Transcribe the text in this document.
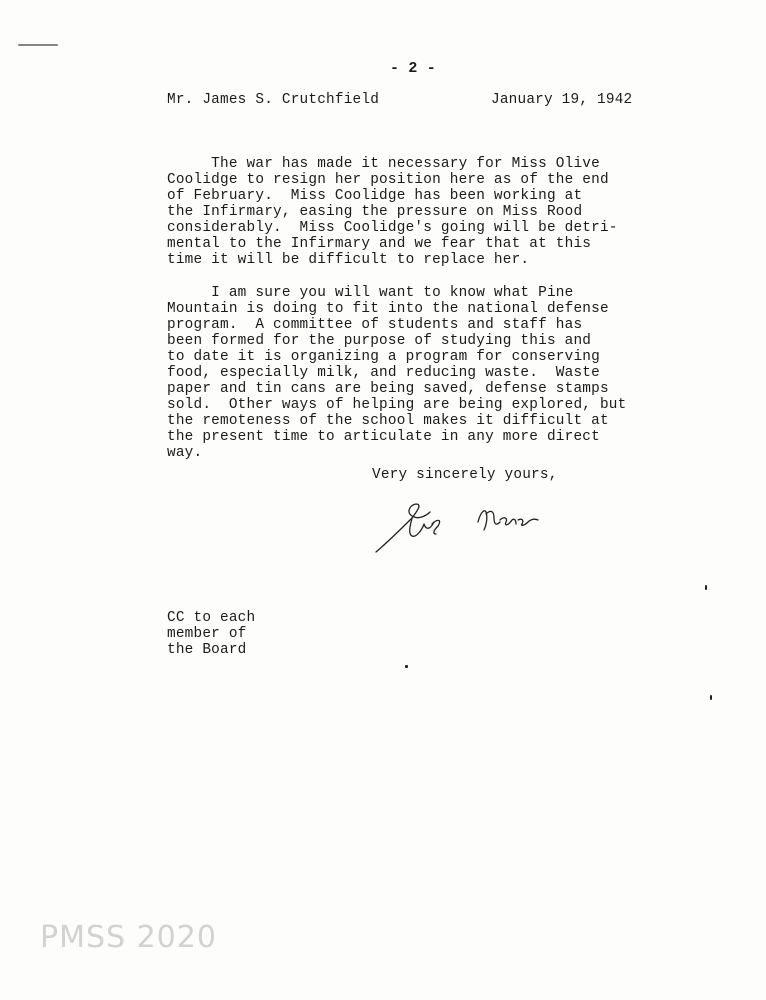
- 2 -
Mr. James S. Crutchfield	January 19, 1942
The war has made it necessary for Miss Olive
Coolidge to resign her position here as of the end
of February.  Miss Coolidge has been working at
the Infirmary, easing the pressure on Miss Rood
considerably.  Miss Coolidge's going will be detri-
mental to the Infirmary and we fear that at this
time it will be difficult to replace her.
I am sure you will want to know what Pine
Mountain is doing to fit into the national defense
program.  A committee of students and staff has
been formed for the purpose of studying this and
to date it is organizing a program for conserving
food, especially milk, and reducing waste.  Waste
paper and tin cans are being saved, defense stamps
sold.  Other ways of helping are being explored, but
the remoteness of the school makes it difficult at
the present time to articulate in any more direct
way.
Very sincerely yours,
CC to each
member of
the Board
PMSS 2020
